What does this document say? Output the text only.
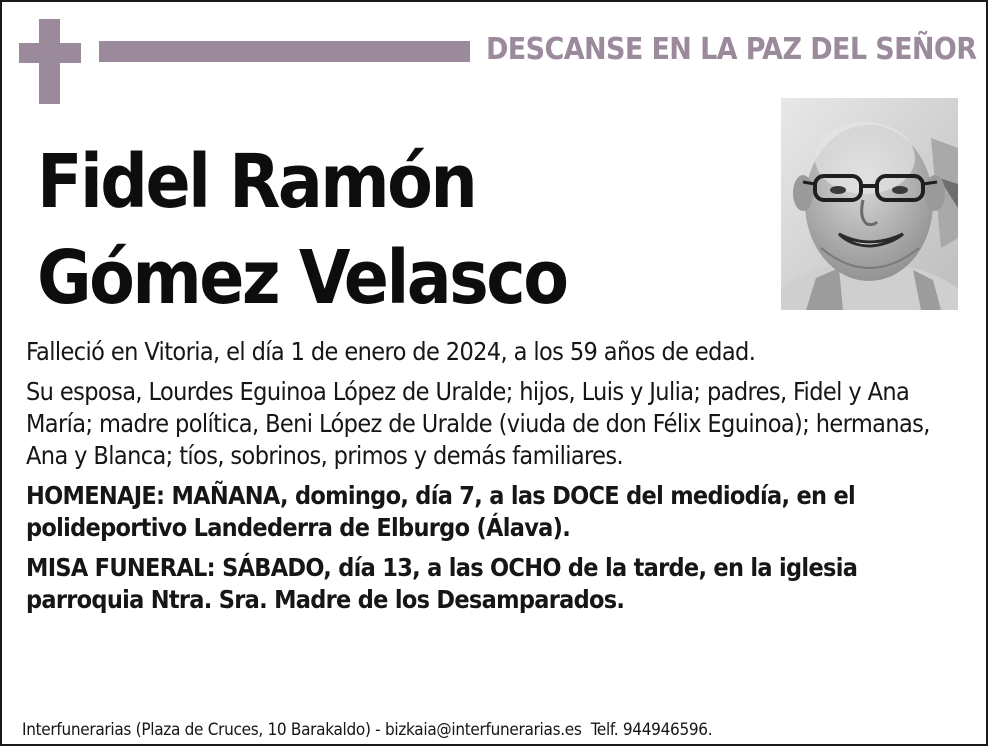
DESCANSE EN LA PAZ DEL SEÑOR
Fidel Ramón
Gómez Velasco

Falleció en Vitoria, el día 1 de enero de 2024, a los 59 años de edad.

Su esposa, Lourdes Eguinoa López de Uralde; hijos, Luis y Julia; padres, Fidel y Ana María; madre política, Beni López de Uralde (viuda de don Félix Eguinoa); hermanas, Ana y Blanca; tíos, sobrinos, primos y demás familiares.

HOMENAJE: MAÑANA, domingo, día 7, a las DOCE del mediodía, en el polideportivo Landederra de Elburgo (Álava).

MISA FUNERAL: SÁBADO, día 13, a las OCHO de la tarde, en la iglesia parroquia Ntra. Sra. Madre de los Desamparados.

Interfunerarias (Plaza de Cruces, 10 Barakaldo) - bizkaia@interfunerarias.es Telf. 944946596.
